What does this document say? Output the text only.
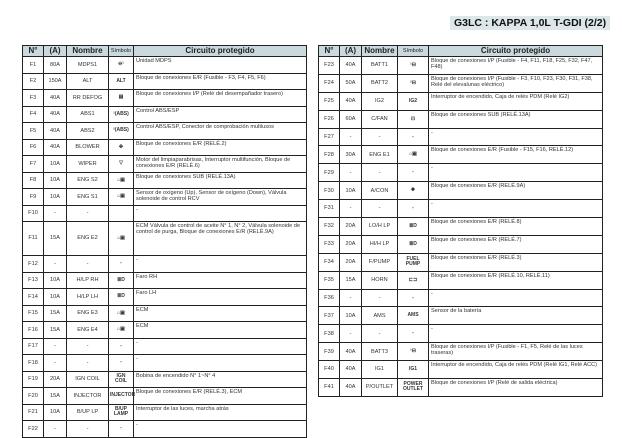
G3LC : KAPPA 1,0L T-GDI (2/2)
N°	(A)	Nombre	Símbolo	Circuito protegido
F1	80A	MDPS1	⊖¹	Unidad MDPS
F2	150A	ALT	ALT	Bloque de conexiones E/R (Fusible - F3, F4, F5, F6)
F3	40A	RR DEFOG	▤	Bloque de conexiones I/P (Relé del desempañador trasero)
F4	40A	ABS1	¹(ABS)	Control ABS/ESP
F5	40A	ABS2	²(ABS)	Control ABS/ESP, Conector de comprobación multiusos
F6	40A	BLOWER	✤	Bloque de conexiones E/R (RELÉ.2)
F7	10A	WIPER	▽	Motor del limpiaparabrisas, Interruptor multifunción, Bloque de conexiones E/R (RELÉ.6)
F8	10A	ENG S2	⌂▣	Bloque de conexiones SUB (RELÉ.13A)
F9	10A	ENG S1	⌂▣	Sensor de oxígeno (Up), Sensor de oxígeno (Down), Válvula solenoide de control RCV
F10	-	-		-
F11	15A	ENG E2	⌂▣	ECM Válvula de control de aceite N° 1, N° 2, Válvula solenoide de control de purga, Bloque de conexiones E/R (RELÉ.9A)
F12	-	-	-	-
F13	10A	H/LP RH	≣D	Faro RH
F14	10A	H/LP LH	≣D	Faro LH
F15	15A	ENG E3	⌂▣	ECM
F16	15A	ENG E4	⌂▣	ECM
F17	-	-	-	-
F18	-	-	-	-
F19	20A	IGN COIL	IGN COIL	Bobina de encendido N° 1~N° 4
F20	15A	INJECTOR	INJECTOR	Bloque de conexiones E/R (RELÉ.3), ECM
F21	10A	B/UP LP	B/UP LAMP	Interruptor de las luces, marcha atrás
F22	-	-	-	-
N°	(A)	Nombre	Símbolo	Circuito protegido
F23	40A	BATT1	¹⊟	Bloque de conexiones I/P (Fusible - F4, F11, F18, F25, F32, F47, F48)
F24	50A	BATT2	²⊟	Bloque de conexiones I/P (Fusible - F3, F10, F23, F30, F31, F38, Relé del elevalunas eléctrico)
F25	40A	IG2	IG2	Interruptor de encendido, Caja de relés PDM (Relé IG2)
F26	60A	C/FAN	⊡	Bloque de conexiones SUB (RELÉ.13A)
F27	-	-	-	-
F28	30A	ENG E1	⌂▣	Bloque de conexiones E/R (Fusible - F15, F16, RELÉ.12)
F29	-	-	-	-
F30	10A	A/CON	✹	Bloque de conexiones E/R (RELÉ.9A)
F31	-	-	-	-
F32	20A	LO/H LP	≣D	Bloque de conexiones E/R (RELÉ.8)
F33	20A	HI/H LP	≣D	Bloque de conexiones E/R (RELÉ.7)
F34	20A	F/PUMP	FUEL PUMP	Bloque de conexiones E/R (RELÉ.3)
F35	15A	HORN	⊏⊐	Bloque de conexiones E/R (RELÉ.10, RELÉ.11)
F36	-	-	-	-
F37	10A	AMS	AMS	Sensor de la batería
F38	-	-	-	-
F39	40A	BATT3	¹⊟	Bloque de conexiones I/P (Fusible - F1, F5, Relé de las luces traseras)
F40	40A	IG1	IG1	Interruptor de encendido, Caja de relés PDM (Relé IG1, Relé ACC)
F41	40A	P/OUTLET	POWER OUTLET	Bloque de conexiones I/P (Relé de salida eléctrica)
